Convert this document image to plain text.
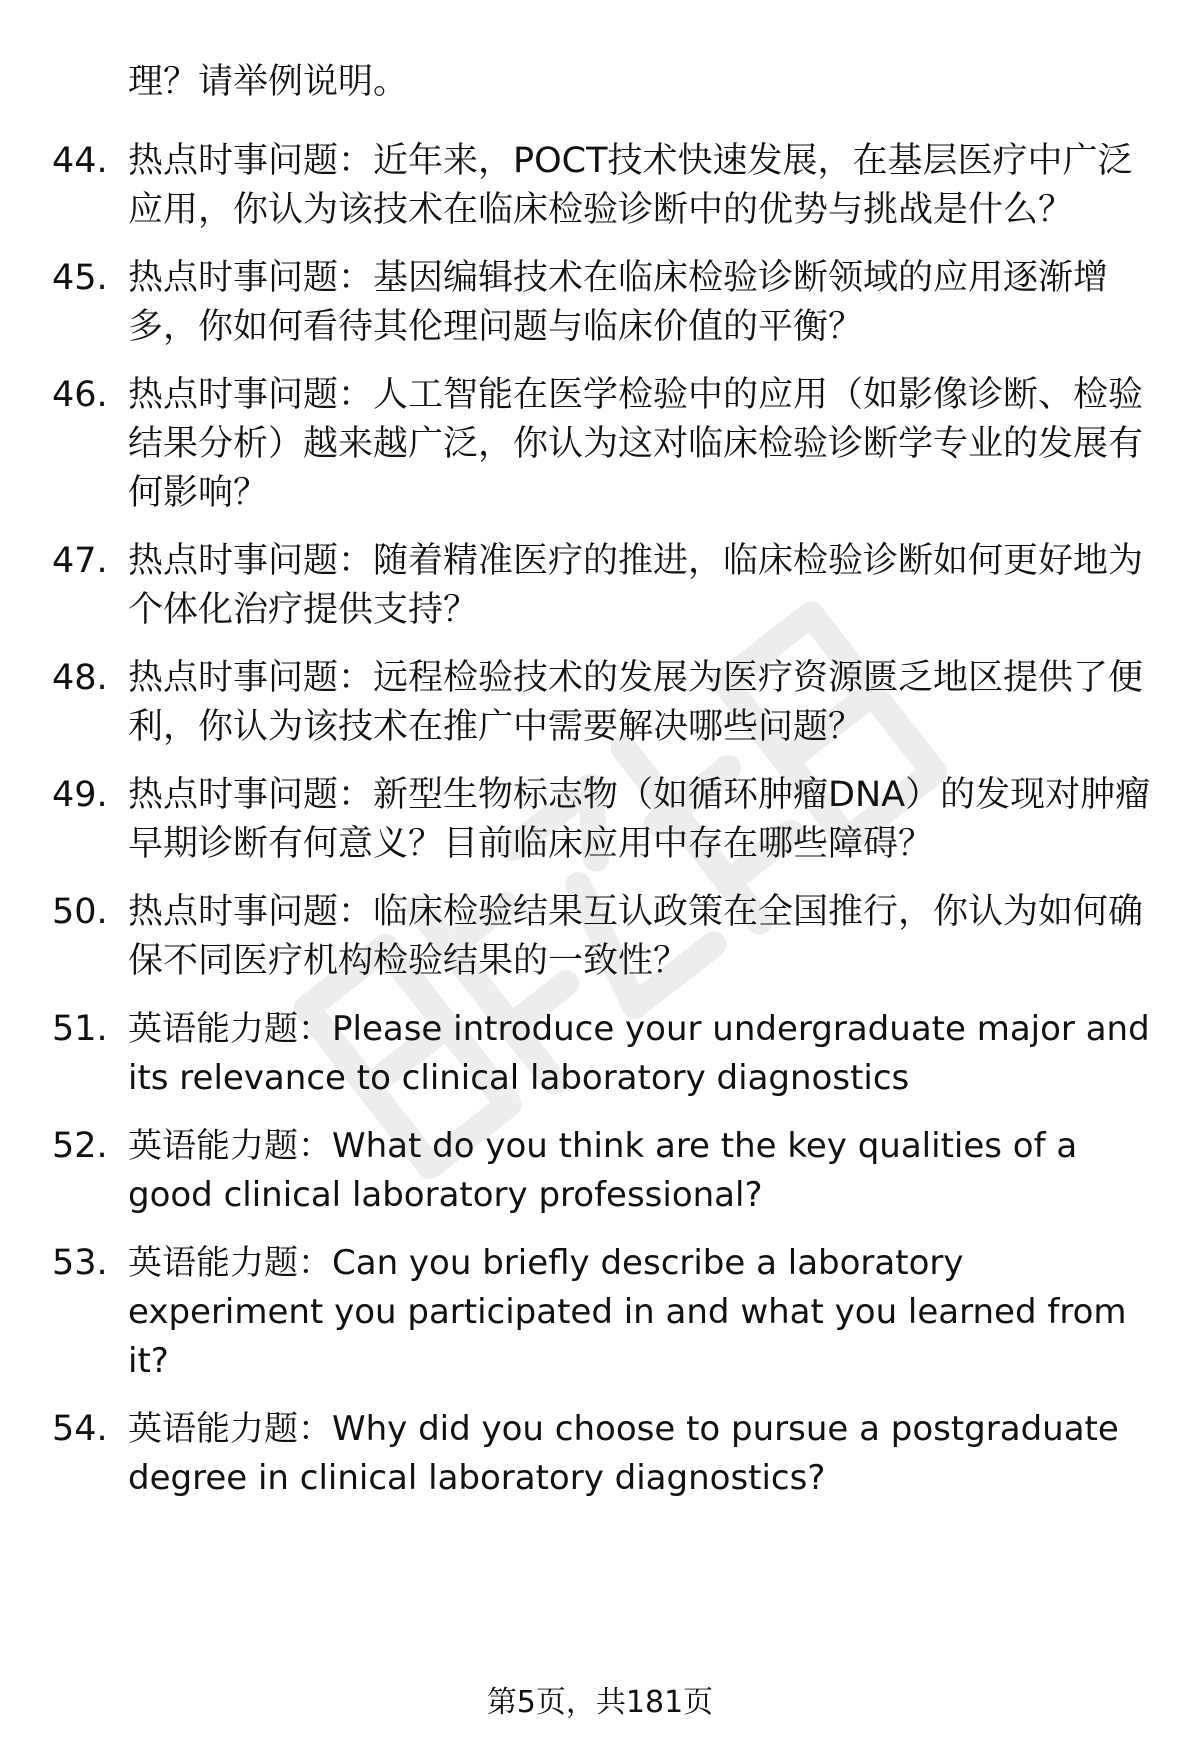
理？请举例说明。

44. 热点时事问题：近年来，POCT技术快速发展，在基层医疗中广泛应用，你认为该技术在临床检验诊断中的优势与挑战是什么？

45. 热点时事问题：基因编辑技术在临床检验诊断领域的应用逐渐增多，你如何看待其伦理问题与临床价值的平衡？

46. 热点时事问题：人工智能在医学检验中的应用（如影像诊断、检验结果分析）越来越广泛，你认为这对临床检验诊断学专业的发展有何影响？

47. 热点时事问题：随着精准医疗的推进，临床检验诊断如何更好地为个体化治疗提供支持？

48. 热点时事问题：远程检验技术的发展为医疗资源匮乏地区提供了便利，你认为该技术在推广中需要解决哪些问题？

49. 热点时事问题：新型生物标志物（如循环肿瘤DNA）的发现对肿瘤早期诊断有何意义？目前临床应用中存在哪些障碍？

50. 热点时事问题：临床检验结果互认政策在全国推行，你认为如何确保不同医疗机构检验结果的一致性？

51. 英语能力题：Please introduce your undergraduate major and its relevance to clinical laboratory diagnostics

52. 英语能力题：What do you think are the key qualities of a good clinical laboratory professional?

53. 英语能力题：Can you briefly describe a laboratory experiment you participated in and what you learned from it?

54. 英语能力题：Why did you choose to pursue a postgraduate degree in clinical laboratory diagnostics?

第5页，共181页
